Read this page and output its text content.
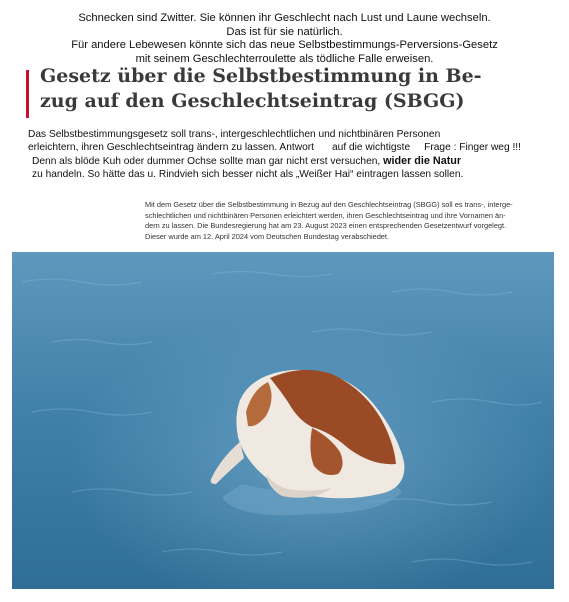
Schnecken sind Zwitter. Sie können ihr Geschlecht nach Lust und Laune wechseln.
Das ist für sie natürlich.
Für andere Lebewesen könnte sich das neue Selbstbestimmungs-Perversions-Gesetz
mit seinem Geschlechterroulette als tödliche Falle erweisen.
Gesetz über die Selbstbestimmung in Be-
zug auf den Geschlechtseintrag (SBGG)
Das Selbstbestimmungsgesetz soll trans-, intergeschlechtlichen und nichtbinären Personen
erleichtern, ihren Geschlechtseintrag ändern zu lassen. Antwort auf die wichtigste Frage : Finger weg !!!
Denn als blöde Kuh oder dummer Ochse sollte man gar nicht erst versuchen, wider die Natur
zu handeln. So hätte das u. Rindvieh sich besser nicht als „Weißer Hai“ eintragen lassen sollen.
Mit dem Gesetz über die Selbstbestimmung in Bezug auf den Geschlechtseintrag (SBGG) soll es trans-, interge-
schlechtlichen und nichtbinären Personen erleichtert werden, ihren Geschlechtseintrag und ihre Vornamen än-
dern zu lassen. Die Bundesregierung hat am 23. August 2023 einen entsprechenden Gesetzentwurf vorgelegt.
Dieser wurde am 12. April 2024 vom Deutschen Bundestag verabschiedet.
